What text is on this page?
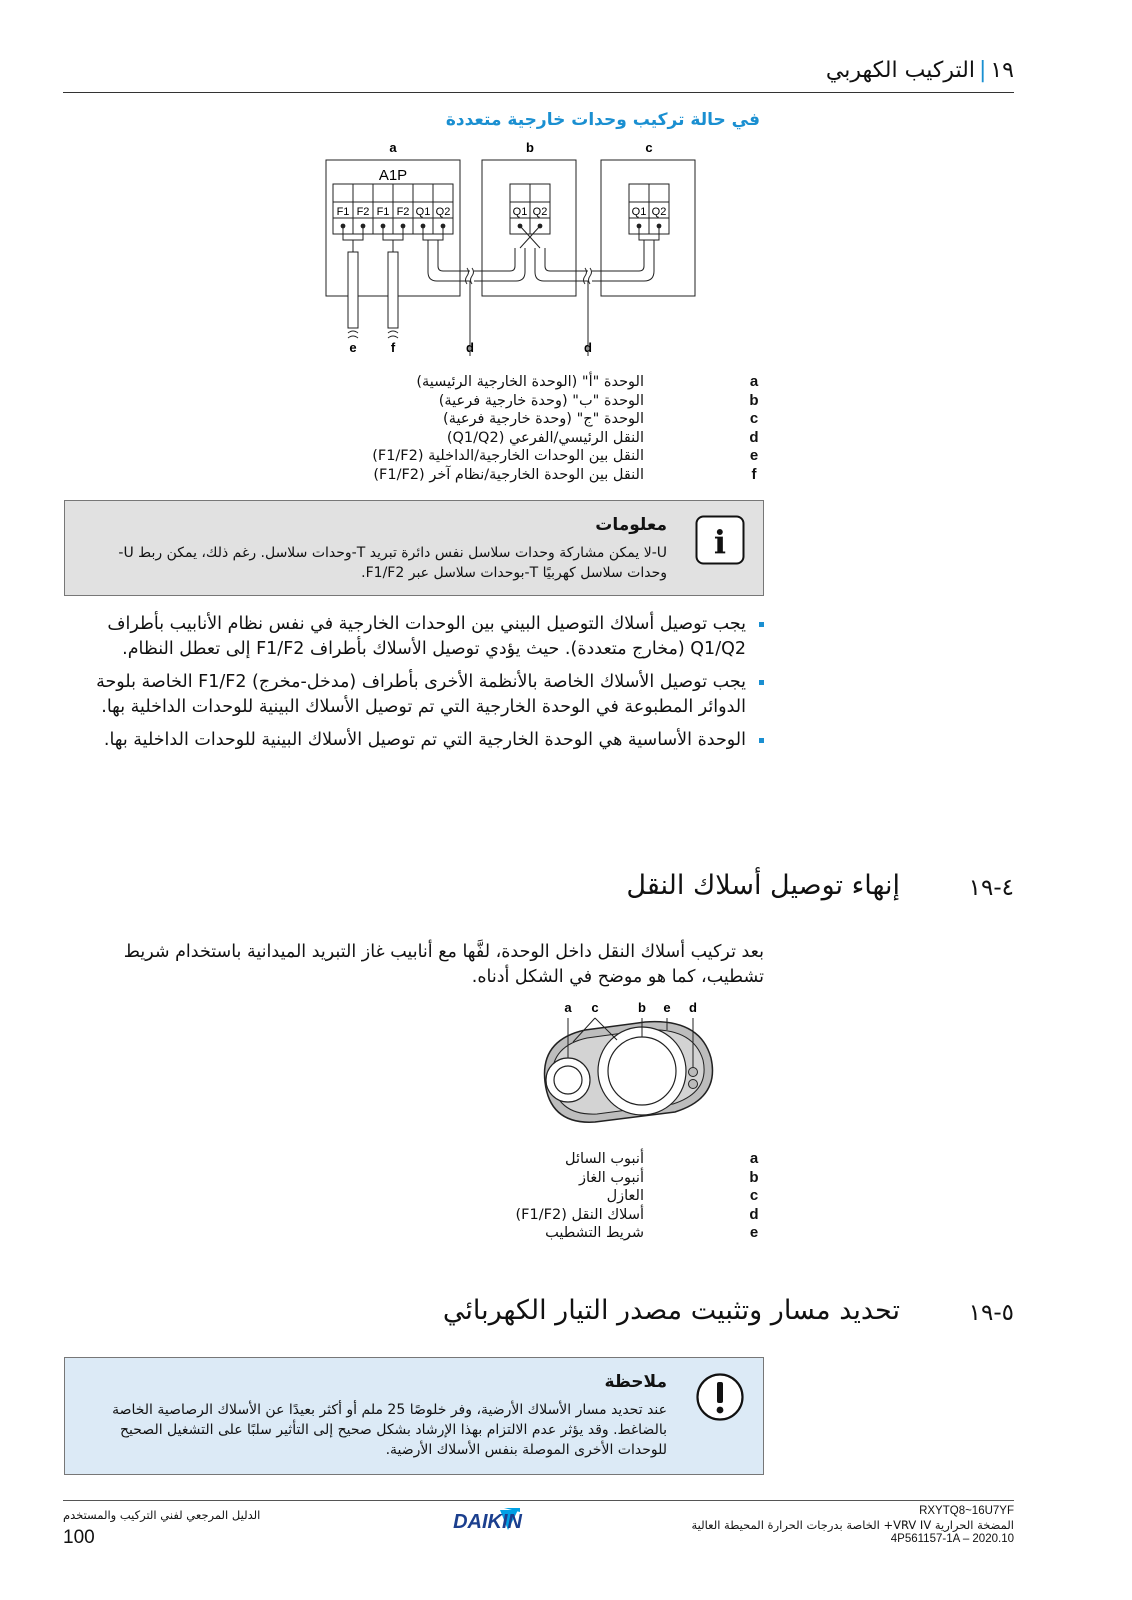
١٩|التركيب الكهربي
في حالة تركيب وحدات خارجية متعددة
a	b	c
A1P
F1 F2 F1 F2 Q1 Q2	Q1 Q2	Q1 Q2
e	f	d	d
a
الوحدة "أ" (الوحدة الخارجية الرئيسية)
b
الوحدة "ب" (وحدة خارجية فرعية)
c
الوحدة "ج" (وحدة خارجية فرعية)
d
النقل الرئيسي/الفرعي (Q1/Q2)
e
النقل بين الوحدات الخارجية/الداخلية (F1/F2)
f
النقل بين الوحدة الخارجية/نظام آخر (F1/F2)
i
معلومات
U-لا يمكن مشاركة وحدات سلاسل نفس دائرة تبريد T-وحدات سلاسل. رغم ذلك، يمكن ربط U-وحدات سلاسل كهربيًا T-بوحدات سلاسل عبر F1/F2.
يجب توصيل أسلاك التوصيل البيني بين الوحدات الخارجية في نفس نظام الأنابيب بأطراف Q1/Q2 (مخارج متعددة). حيث يؤدي توصيل الأسلاك بأطراف F1/F2 إلى تعطل النظام.
يجب توصيل الأسلاك الخاصة بالأنظمة الأخرى بأطراف (مدخل-مخرج) F1/F2 الخاصة بلوحة الدوائر المطبوعة في الوحدة الخارجية التي تم توصيل الأسلاك البينية للوحدات الداخلية بها.
الوحدة الأساسية هي الوحدة الخارجية التي تم توصيل الأسلاك البينية للوحدات الداخلية بها.
٤-١٩
إنهاء توصيل أسلاك النقل
بعد تركيب أسلاك النقل داخل الوحدة، لفَّها مع أنابيب غاز التبريد الميدانية باستخدام شريط تشطيب، كما هو موضح في الشكل أدناه.
a c	b e d
a
أنبوب السائل
b
أنبوب الغاز
c
العازل
d
أسلاك النقل (F1/F2)
e
شريط التشطيب
٥-١٩
تحديد مسار وتثبيت مصدر التيار الكهربائي
ملاحظة
عند تحديد مسار الأسلاك الأرضية، وفر خلوصًا 25 ملم أو أكثر بعيدًا عن الأسلاك الرصاصية الخاصة بالضاغط. وقد يؤثر عدم الالتزام بهذا الإرشاد بشكل صحيح إلى التأثير سلبًا على التشغيل الصحيح للوحدات الأخرى الموصلة بنفس الأسلاك الأرضية.
الدليل المرجعي لفني التركيب والمستخدم
100
DAIKIN	RXYTQ8~16U7YF
المضخة الحرارية VRV IV+ الخاصة بدرجات الحرارة المحيطة العالية
4P561157-1A – 2020.10
